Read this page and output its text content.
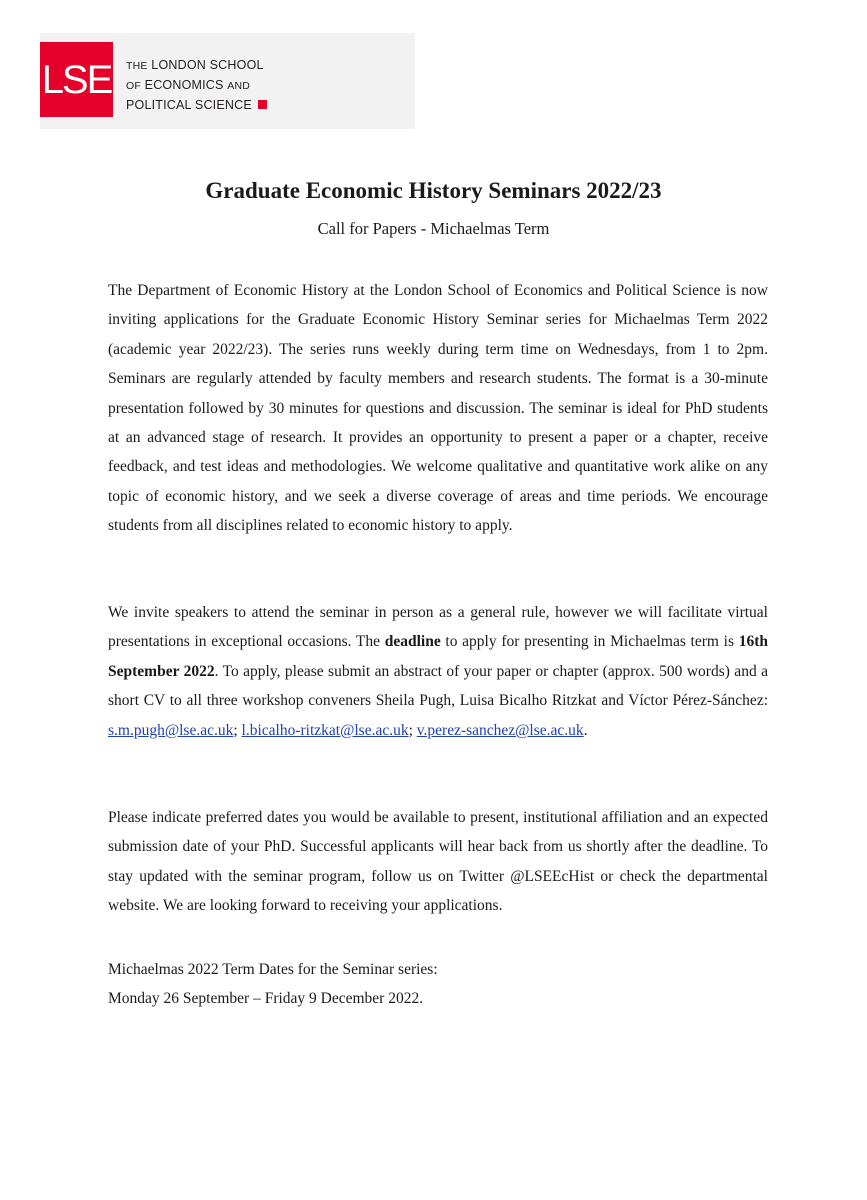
LSE THE LONDON SCHOOL
OF ECONOMICS AND
POLITICAL SCIENCE
Graduate Economic History Seminars 2022/23
Call for Papers - Michaelmas Term

The Department of Economic History at the London School of Economics and Political Science is now inviting applications for the Graduate Economic History Seminar series for Michaelmas Term 2022 (academic year 2022/23). The series runs weekly during term time on Wednesdays, from 1 to 2pm. Seminars are regularly attended by faculty members and research students. The format is a 30-minute presentation followed by 30 minutes for questions and discussion. The seminar is ideal for PhD students at an advanced stage of research. It provides an opportunity to present a paper or a chapter, receive feedback, and test ideas and methodologies. We welcome qualitative and quantitative work alike on any topic of economic history, and we seek a diverse coverage of areas and time periods. We encourage students from all disciplines related to economic history to apply.

We invite speakers to attend the seminar in person as a general rule, however we will facilitate virtual presentations in exceptional occasions. The deadline to apply for presenting in Michaelmas term is 16th September 2022. To apply, please submit an abstract of your paper or chapter (approx. 500 words) and a short CV to all three workshop conveners Sheila Pugh, Luisa Bicalho Ritzkat and Víctor Pérez-Sánchez: s.m.pugh@lse.ac.uk; l.bicalho-ritzkat@lse.ac.uk; v.perez-sanchez@lse.ac.uk.

Please indicate preferred dates you would be available to present, institutional affiliation and an expected submission date of your PhD. Successful applicants will hear back from us shortly after the deadline. To stay updated with the seminar program, follow us on Twitter @LSEEcHist or check the departmental website. We are looking forward to receiving your applications.

Michaelmas 2022 Term Dates for the Seminar series:
Monday 26 September – Friday 9 December 2022.
